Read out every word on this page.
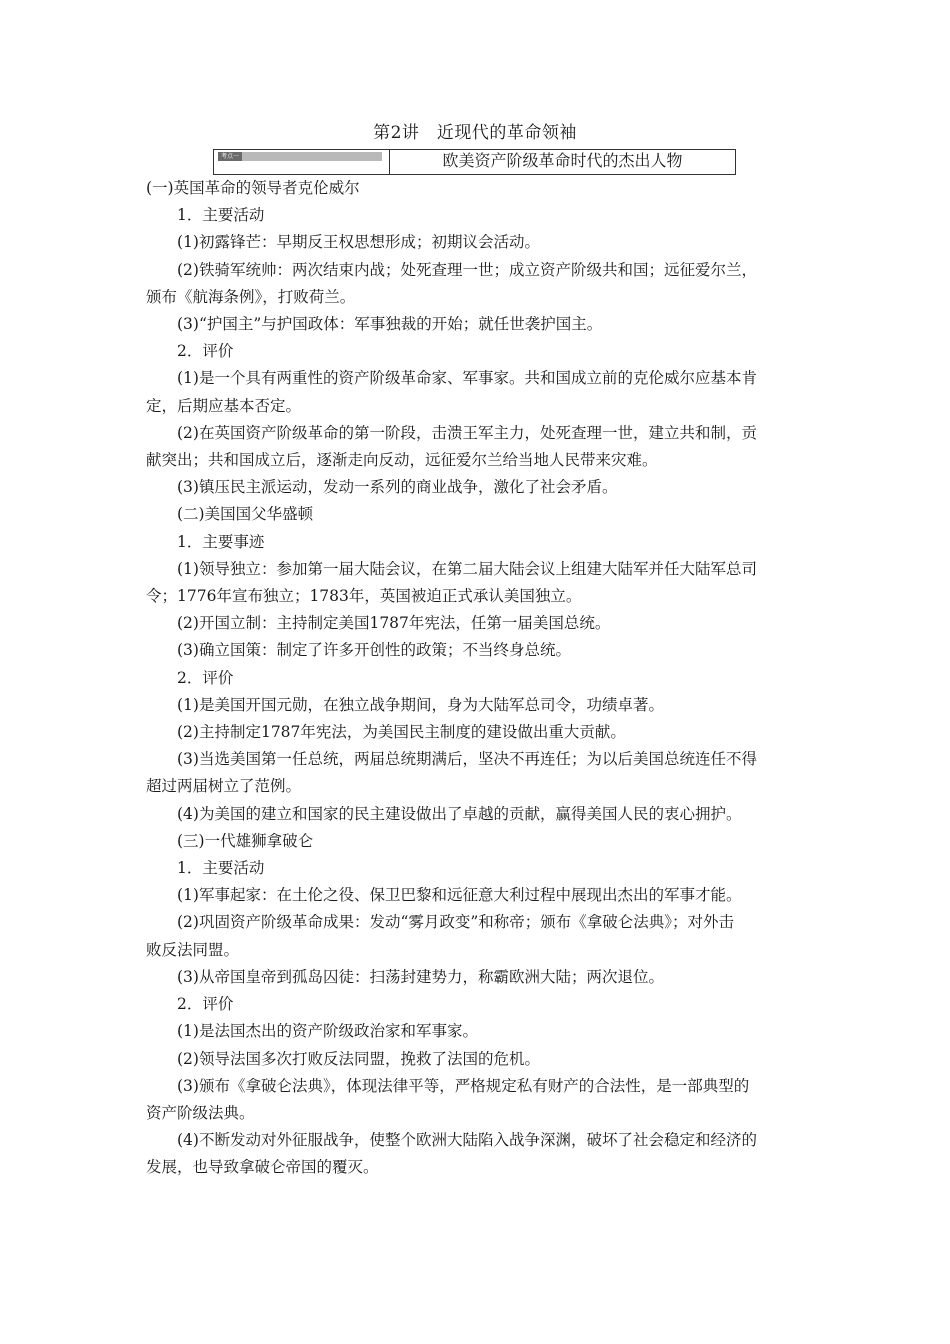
第2讲　近现代的革命领袖
考点一	欧美资产阶级革命时代的杰出人物
(一)英国革命的领导者克伦威尔
1．主要活动
(1)初露锋芒：早期反王权思想形成；初期议会活动。
(2)铁骑军统帅：两次结束内战；处死查理一世；成立资产阶级共和国；远征爱尔兰，
颁布《航海条例》，打败荷兰。
(3)“护国主”与护国政体：军事独裁的开始；就任世袭护国主。
2．评价
(1)是一个具有两重性的资产阶级革命家、军事家。共和国成立前的克伦威尔应基本肯
定，后期应基本否定。
(2)在英国资产阶级革命的第一阶段，击溃王军主力，处死查理一世，建立共和制，贡
献突出；共和国成立后，逐渐走向反动，远征爱尔兰给当地人民带来灾难。
(3)镇压民主派运动，发动一系列的商业战争，激化了社会矛盾。
(二)美国国父华盛顿
1．主要事迹
(1)领导独立：参加第一届大陆会议，在第二届大陆会议上组建大陆军并任大陆军总司
令；1776年宣布独立；1783年，英国被迫正式承认美国独立。
(2)开国立制：主持制定美国1787年宪法，任第一届美国总统。
(3)确立国策：制定了许多开创性的政策；不当终身总统。
2．评价
(1)是美国开国元勋，在独立战争期间，身为大陆军总司令，功绩卓著。
(2)主持制定1787年宪法，为美国民主制度的建设做出重大贡献。
(3)当选美国第一任总统，两届总统期满后，坚决不再连任；为以后美国总统连任不得
超过两届树立了范例。
(4)为美国的建立和国家的民主建设做出了卓越的贡献，赢得美国人民的衷心拥护。
(三)一代雄狮拿破仑
1．主要活动
(1)军事起家：在土伦之役、保卫巴黎和远征意大利过程中展现出杰出的军事才能。
(2)巩固资产阶级革命成果：发动“雾月政变”和称帝；颁布《拿破仑法典》；对外击
败反法同盟。
(3)从帝国皇帝到孤岛囚徒：扫荡封建势力，称霸欧洲大陆；两次退位。
2．评价
(1)是法国杰出的资产阶级政治家和军事家。
(2)领导法国多次打败反法同盟，挽救了法国的危机。
(3)颁布《拿破仑法典》，体现法律平等，严格规定私有财产的合法性，是一部典型的
资产阶级法典。
(4)不断发动对外征服战争，使整个欧洲大陆陷入战争深渊，破坏了社会稳定和经济的
发展，也导致拿破仑帝国的覆灭。
